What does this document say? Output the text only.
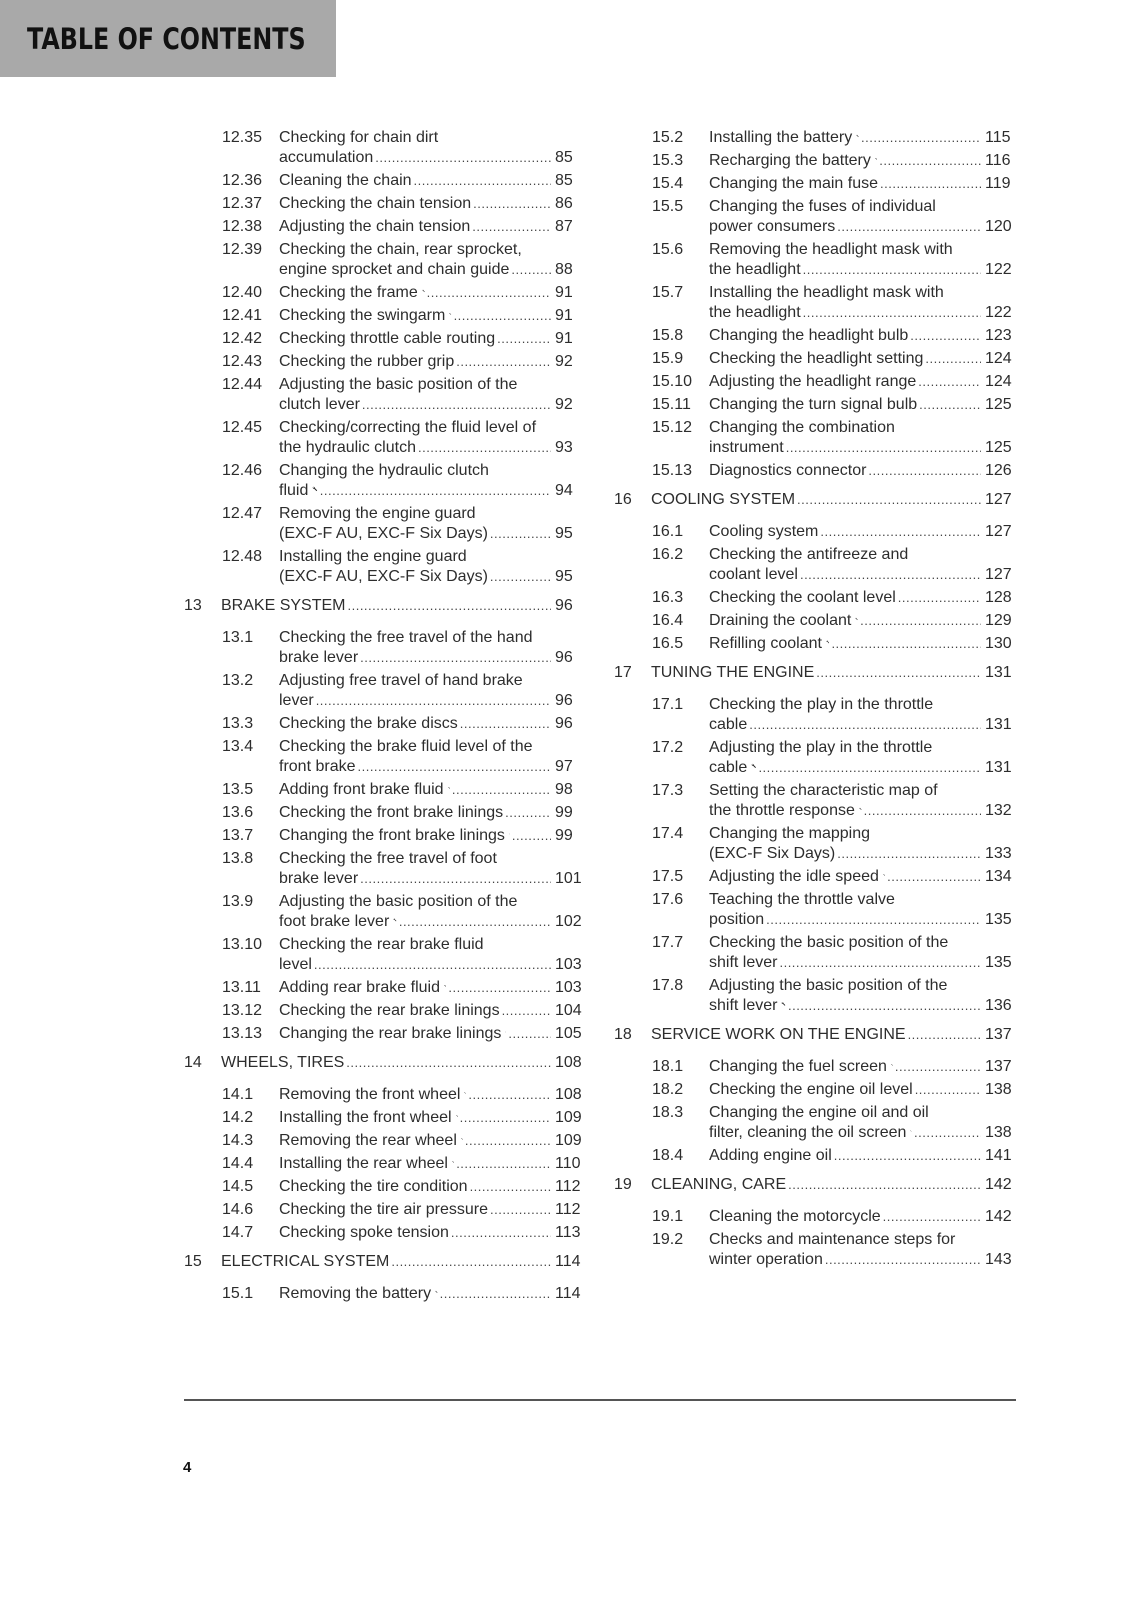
TABLE OF CONTENTS
12.35	Checking for chain dirt
accumulation .....	85
12.36	Cleaning the chain .....	85
12.37	Checking the chain tension .....	86
12.38	Adjusting the chain tension .....	87
12.39	Checking the chain, rear sprocket,
engine sprocket and chain guide .....	88
12.40	Checking the frame .....	91
12.41	Checking the swingarm .....	91
12.42	Checking throttle cable routing .....	91
12.43	Checking the rubber grip .....	92
12.44	Adjusting the basic position of the
clutch lever .....	92
12.45	Checking/correcting the fluid level of
the hydraulic clutch .....	93
12.46	Changing the hydraulic clutch
fluid .....	94
12.47	Removing the engine guard
(EXC-F AU, EXC-F Six Days) .....	95
12.48	Installing the engine guard
(EXC-F AU, EXC-F Six Days) .....	95
13	BRAKE SYSTEM .....	96
13.1	Checking the free travel of the hand
brake lever .....	96
13.2	Adjusting free travel of hand brake
lever .....	96
13.3	Checking the brake discs .....	96
13.4	Checking the brake fluid level of the
front brake .....	97
13.5	Adding front brake fluid .....	98
13.6	Checking the front brake linings .....	99
13.7	Changing the front brake linings .....	99
13.8	Checking the free travel of foot
brake lever .....	101
13.9	Adjusting the basic position of the
foot brake lever .....	102
13.10	Checking the rear brake fluid
level .....	103
13.11	Adding rear brake fluid .....	103
13.12	Checking the rear brake linings .....	104
13.13	Changing the rear brake linings .....	105
14	WHEELS, TIRES .....	108
14.1	Removing the front wheel .....	108
14.2	Installing the front wheel .....	109
14.3	Removing the rear wheel .....	109
14.4	Installing the rear wheel .....	110
14.5	Checking the tire condition .....	112
14.6	Checking the tire air pressure .....	112
14.7	Checking spoke tension .....	113
15	ELECTRICAL SYSTEM .....	114
15.1	Removing the battery .....	114
15.2	Installing the battery .....	115
15.3	Recharging the battery .....	116
15.4	Changing the main fuse .....	119
15.5	Changing the fuses of individual
power consumers .....	120
15.6	Removing the headlight mask with
the headlight .....	122
15.7	Installing the headlight mask with
the headlight .....	122
15.8	Changing the headlight bulb .....	123
15.9	Checking the headlight setting .....	124
15.10	Adjusting the headlight range .....	124
15.11	Changing the turn signal bulb .....	125
15.12	Changing the combination
instrument .....	125
15.13	Diagnostics connector .....	126
16	COOLING SYSTEM .....	127
16.1	Cooling system .....	127
16.2	Checking the antifreeze and
coolant level .....	127
16.3	Checking the coolant level .....	128
16.4	Draining the coolant .....	129
16.5	Refilling coolant .....	130
17	TUNING THE ENGINE .....	131
17.1	Checking the play in the throttle
cable .....	131
17.2	Adjusting the play in the throttle
cable .....	131
17.3	Setting the characteristic map of
the throttle response .....	132
17.4	Changing the mapping
(EXC-F Six Days) .....	133
17.5	Adjusting the idle speed .....	134
17.6	Teaching the throttle valve
position .....	135
17.7	Checking the basic position of the
shift lever .....	135
17.8	Adjusting the basic position of the
shift lever .....	136
18	SERVICE WORK ON THE ENGINE .....	137
18.1	Changing the fuel screen .....	137
18.2	Checking the engine oil level .....	138
18.3	Changing the engine oil and oil
filter, cleaning the oil screen .....	138
18.4	Adding engine oil .....	141
19	CLEANING, CARE .....	142
19.1	Cleaning the motorcycle .....	142
19.2	Checks and maintenance steps for
winter operation .....	143
4
